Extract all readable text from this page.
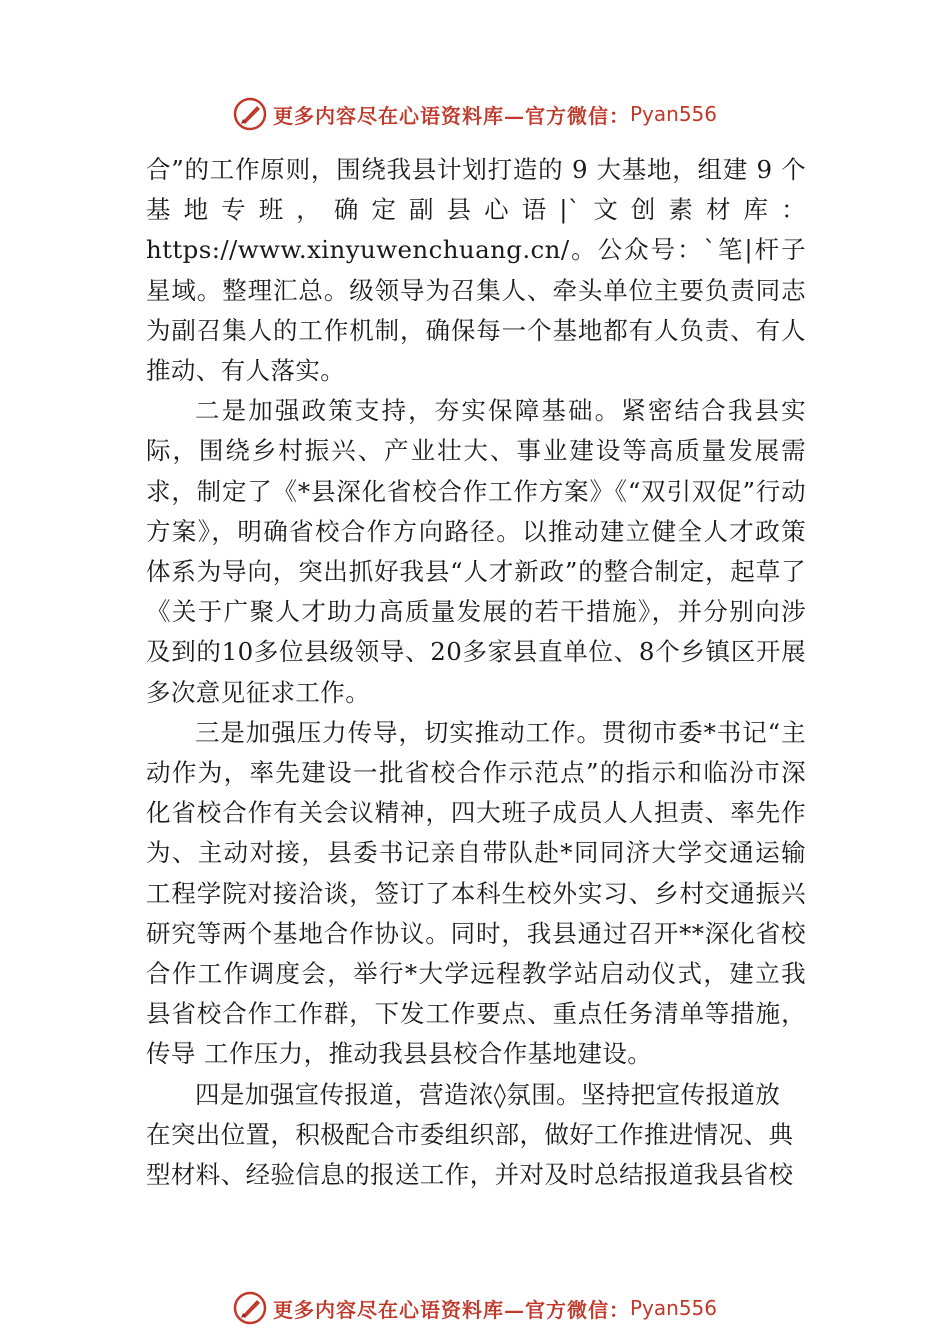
更多内容尽在心语资料库—官方微信： Pyan556

合”的工作原则，围绕我县计划打造的 9 大基地，组建 9 个基地专班，确定副县心语|`文创素材库：https://www.xinyuwenchuang.cn/。公众号：`笔|杆子星域。整理汇总。级领导为召集人、牵头单位主要负责同志为副召集人的工作机制，确保每一个基地都有人负责、有人推动、有人落实。

二是加强政策支持，夯实保障基础。紧密结合我县实际，围绕乡村振兴、产业壮大、事业建设等高质量发展需求，制定了《*县深化省校合作工作方案》《“双引双促”行动方案》，明确省校合作方向路径。以推动建立健全人才政策体系为导向，突出抓好我县“人才新政”的整合制定，起草了《关于广聚人才助力高质量发展的若干措施》，并分别向涉及到的10多位县级领导、20多家县直单位、8个乡镇区开展多次意见征求工作。

三是加强压力传导，切实推动工作。贯彻市委*书记“主动作为，率先建设一批省校合作示范点”的指示和临汾市深化省校合作有关会议精神，四大班子成员人人担责、率先作为、主动对接，县委书记亲自带队赴*同同济大学交通运输工程学院对接洽谈，签订了本科生校外实习、乡村交通振兴研究等两个基地合作协议。同时，我县通过召开**深化省校合作工作调度会，举行*大学远程教学站启动仪式，建立我县省校合作工作群，下发工作要点、重点任务清单等措施，传导 工作压力，推动我县县校合作基地建设。

四是加强宣传报道，营造浓◊氛围。坚持把宣传报道放
在突出位置，积极配合市委组织部，做好工作推进情况、典
型材料、经验信息的报送工作，并对及时总结报道我县省校

更多内容尽在心语资料库—官方微信： Pyan556
